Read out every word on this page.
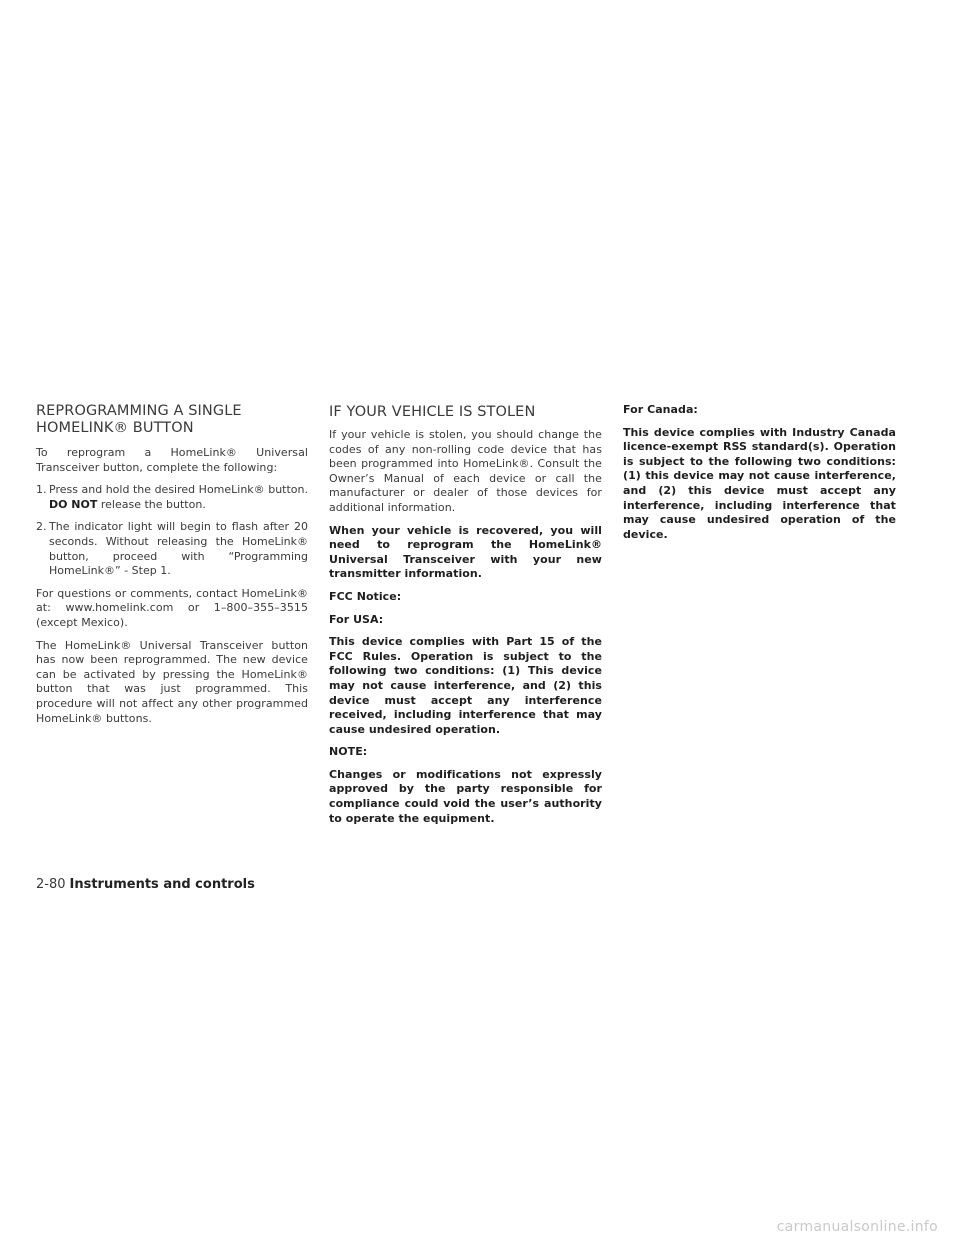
REPROGRAMMING A SINGLE
HOMELINK® BUTTON

To reprogram a HomeLink® Universal Transceiver button, complete the following:

1. Press and hold the desired HomeLink® button. DO NOT release the button.
2. The indicator light will begin to flash after 20 seconds. Without releasing the HomeLink® button, proceed with “Programming HomeLink®” - Step 1.

For questions or comments, contact HomeLink® at: www.homelink.com or 1–800–355–3515 (except Mexico).

The HomeLink® Universal Transceiver button has now been reprogrammed. The new device can be activated by pressing the HomeLink® button that was just programmed. This procedure will not affect any other programmed HomeLink® buttons.

IF YOUR VEHICLE IS STOLEN

If your vehicle is stolen, you should change the codes of any non-rolling code device that has been programmed into HomeLink®. Consult the Owner’s Manual of each device or call the manufacturer or dealer of those devices for additional information.

When your vehicle is recovered, you will need to reprogram the HomeLink® Universal Transceiver with your new transmitter information.

FCC Notice:

For USA:

This device complies with Part 15 of the FCC Rules. Operation is subject to the following two conditions: (1) This device may not cause interference, and (2) this device must accept any interference received, including interference that may cause undesired operation.

NOTE:

Changes or modifications not expressly approved by the party responsible for compliance could void the user’s authority to operate the equipment.

For Canada:

This device complies with Industry Canada licence-exempt RSS standard(s). Operation is subject to the following two conditions: (1) this device may not cause interference, and (2) this device must accept any interference, including interference that may cause undesired operation of the device.

2-80 Instruments and controls
carmanualsonline.info
